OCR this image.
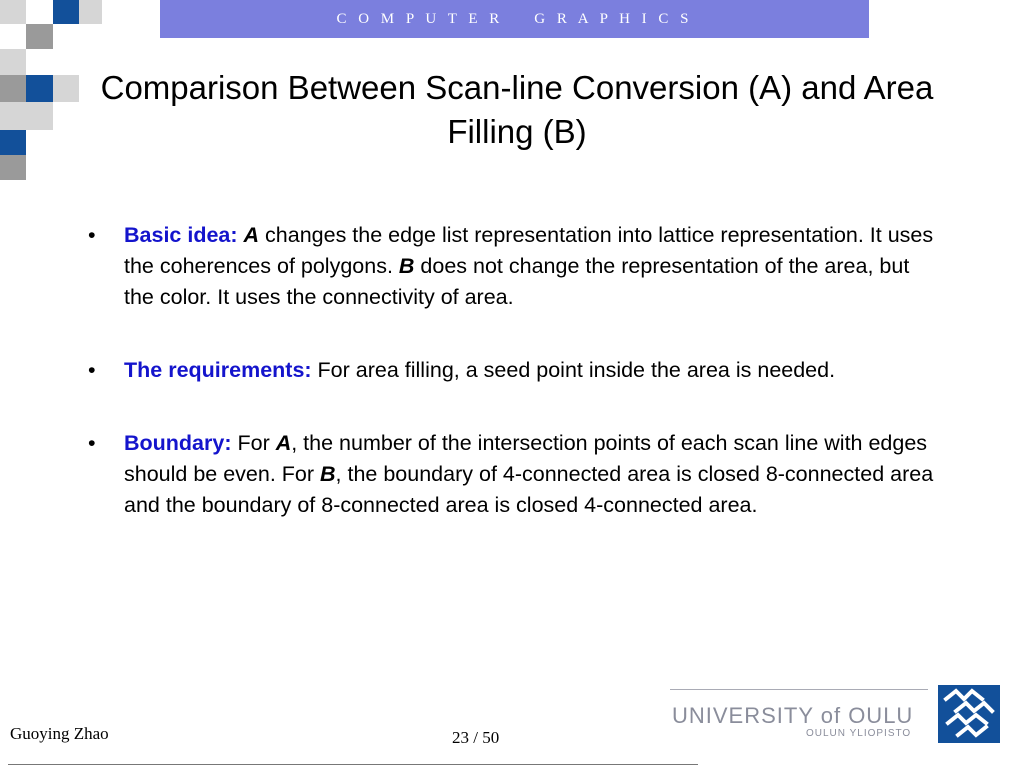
C O M P U T E R    G R A P H I C S
Comparison Between Scan-line Conversion (A) and Area Filling (B)
• Basic idea: A changes the edge list representation into lattice representation. It uses the coherences of polygons. B does not change the representation of the area, but the color. It uses the connectivity of area.
• The requirements: For area filling, a seed point inside the area is needed.
• Boundary: For A, the number of the intersection points of each scan line with edges should be even. For B, the boundary of 4-connected area is closed 8-connected area and the boundary of 8-connected area is closed 4-connected area.
Guoying Zhao	23 / 50
UNIVERSITY of OULU
OULUN YLIOPISTO
